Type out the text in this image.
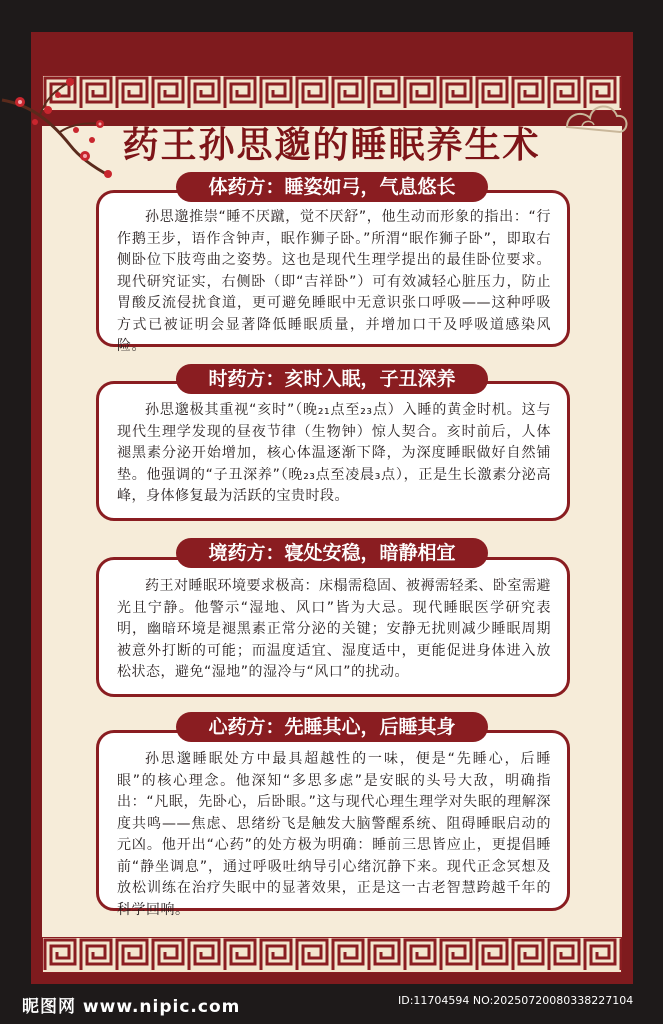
药王孙思邈的睡眠养生术
孙思邈推崇“睡不厌蹴，觉不厌舒”，他生动而形象的指出：“行作鹅王步，语作含钟声，眠作狮子卧。”所渭“眠作狮子卧”，即取右侧卧位下肢弯曲之姿势。这也是现代生理学提出的最佳卧位要求。现代研究证实，右侧卧（即“吉祥卧”）可有效减轻心脏压力，防止胃酸反流侵扰食道，更可避免睡眠中无意识张口呼吸——这种呼吸方式已被证明会显著降低睡眠质量，并增加口干及呼吸道感染风险。
体药方：睡姿如弓，气息悠长
孙思邈极其重视“亥时”（晚₂₁点至₂₃点）入睡的黄金时机。这与现代生理学发现的昼夜节律（生物钟）惊人契合。亥时前后，人体褪黑素分泌开始增加，核心体温逐渐下降，为深度睡眠做好自然铺垫。他强调的“子丑深养”（晚₂₃点至凌晨₃点），正是生长激素分泌高峰，身体修复最为活跃的宝贵时段。
时药方：亥时入眠，子丑深养
药王对睡眠环境要求极高：床榻需稳固、被褥需轻柔、卧室需避光且宁静。他警示“湿地、风口”皆为大忌。现代睡眠医学研究表明，幽暗环境是褪黑素正常分泌的关键；安静无扰则减少睡眠周期被意外打断的可能；而温度适宜、湿度适中，更能促进身体进入放松状态，避免“湿地”的湿冷与“风口”的扰动。
境药方：寝处安稳，暗静相宜
孙思邈睡眠处方中最具超越性的一味，便是“先睡心，后睡眼”的核心理念。他深知“多思多虑”是安眠的头号大敌，明确指出：“凡眠，先卧心，后卧眼。”这与现代心理生理学对失眠的理解深度共鸣——焦虑、思绪纷飞是触发大脑警醒系统、阻碍睡眠启动的元凶。他开出“心药”的处方极为明确：睡前三思皆应止，更提倡睡前“静坐调息”，通过呼吸吐纳导引心绪沉静下来。现代正念冥想及放松训练在治疗失眠中的显著效果，正是这一古老智慧跨越千年的科学回响。
心药方：先睡其心，后睡其身
昵图网 www.nipic.com	ID:11704594 NO:20250720080338227104
